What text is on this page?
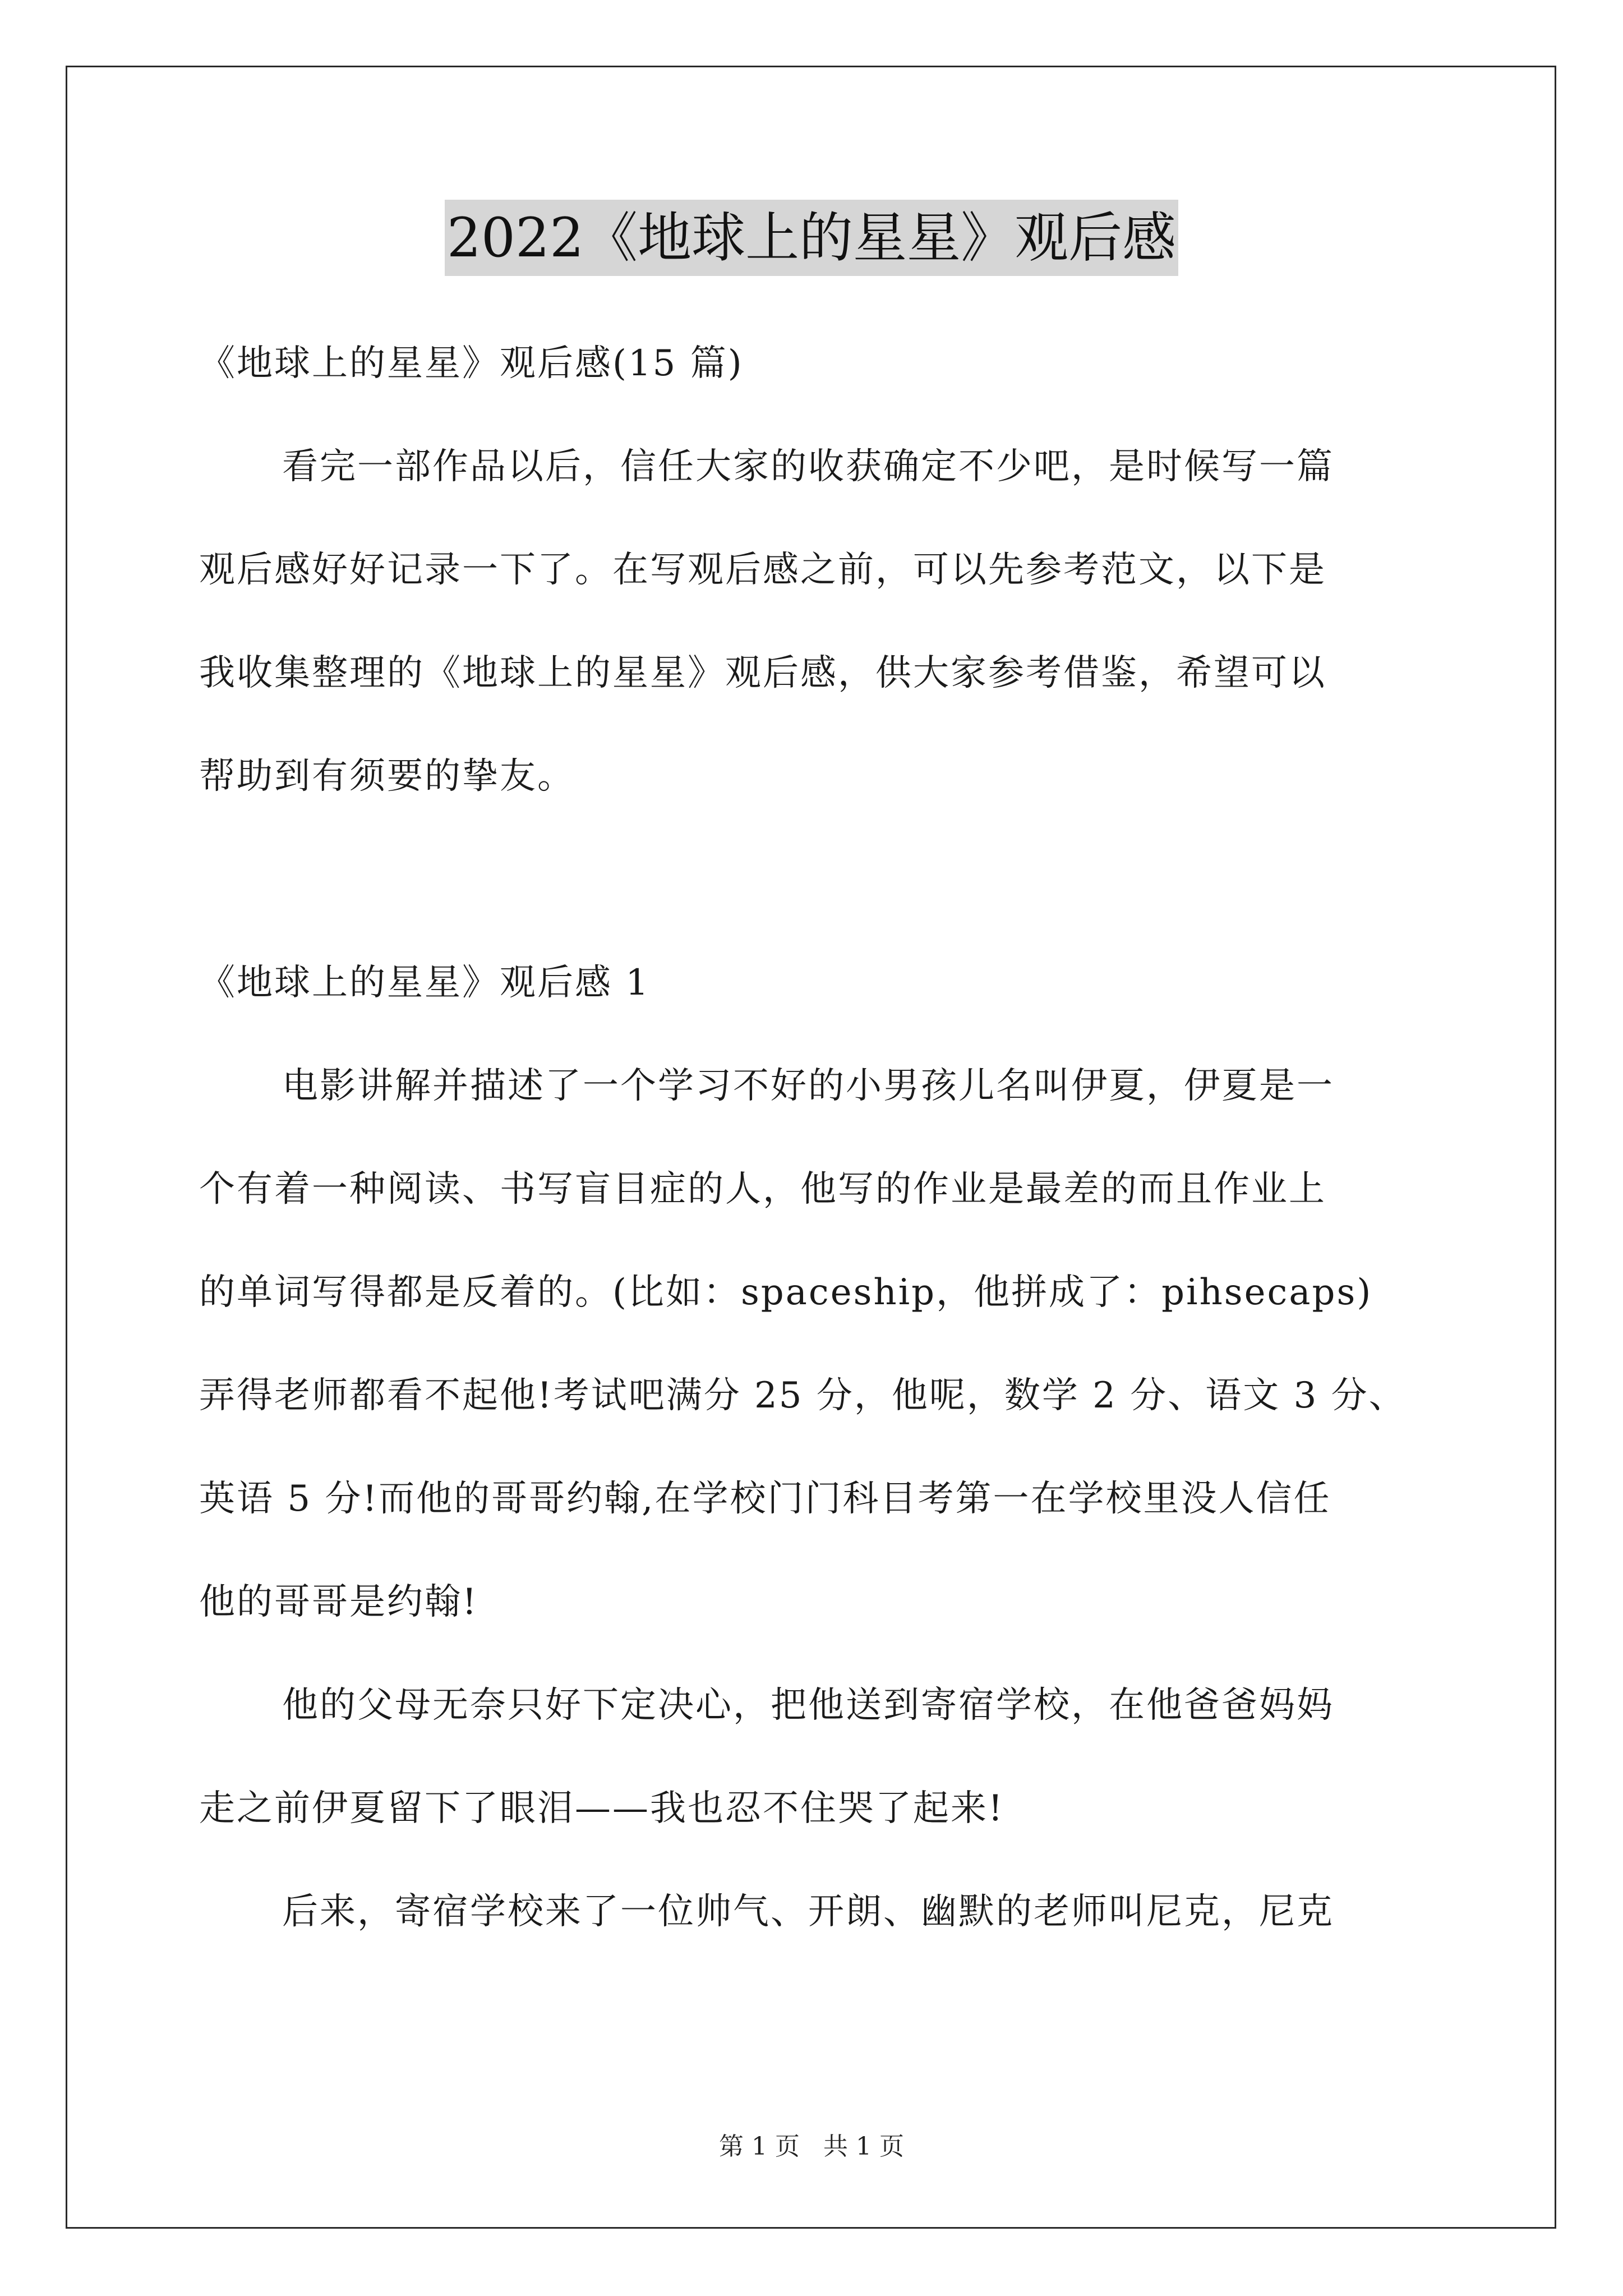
2022《地球上的星星》观后感
《地球上的星星》观后感(15 篇)
看完一部作品以后，信任大家的收获确定不少吧，是时候写一篇
观后感好好记录一下了。在写观后感之前，可以先参考范文，以下是
我收集整理的《地球上的星星》观后感，供大家参考借鉴，希望可以
帮助到有须要的挚友。
《地球上的星星》观后感 1
电影讲解并描述了一个学习不好的小男孩儿名叫伊夏，伊夏是一
个有着一种阅读、书写盲目症的人，他写的作业是最差的而且作业上
的单词写得都是反着的。(比如：spaceship，他拼成了：pihsecaps)
弄得老师都看不起他!考试吧满分 25 分，他呢，数学 2 分、语文 3 分、
英语 5 分!而他的哥哥约翰,在学校门门科目考第一在学校里没人信任
他的哥哥是约翰!
他的父母无奈只好下定决心，把他送到寄宿学校，在他爸爸妈妈
走之前伊夏留下了眼泪——我也忍不住哭了起来!
后来，寄宿学校来了一位帅气、开朗、幽默的老师叫尼克，尼克
第 1 页 共 1 页
